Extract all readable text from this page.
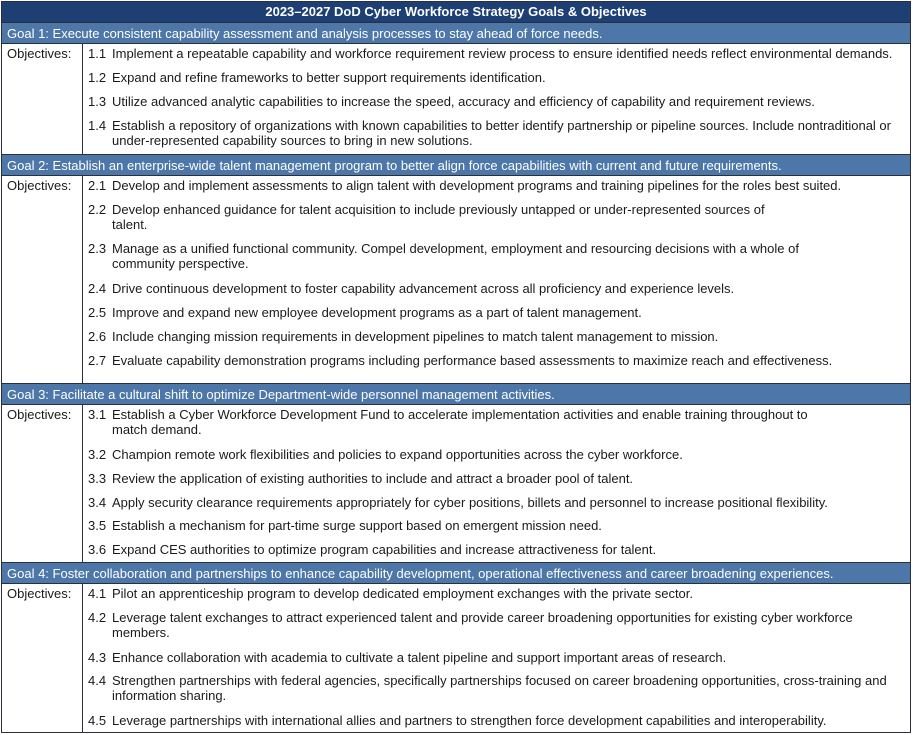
2023–2027 DoD Cyber Workforce Strategy Goals & Objectives
Goal 1: Execute consistent capability assessment and analysis processes to stay ahead of force needs.
Objectives:	1.1 Implement a repeatable capability and workforce requirement review process to ensure identified needs reflect environmental demands.
1.2 Expand and refine frameworks to better support requirements identification.
1.3 Utilize advanced analytic capabilities to increase the speed, accuracy and efficiency of capability and requirement reviews.
1.4 Establish a repository of organizations with known capabilities to better identify partnership or pipeline sources. Include nontraditional or under-represented capability sources to bring in new solutions.
Goal 2: Establish an enterprise-wide talent management program to better align force capabilities with current and future requirements.
Objectives:	2.1 Develop and implement assessments to align talent with development programs and training pipelines for the roles best suited.
2.2 Develop enhanced guidance for talent acquisition to include previously untapped or under-represented sources of talent.
2.3 Manage as a unified functional community. Compel development, employment and resourcing decisions with a whole of community perspective.
2.4 Drive continuous development to foster capability advancement across all proficiency and experience levels.
2.5 Improve and expand new employee development programs as a part of talent management.
2.6 Include changing mission requirements in development pipelines to match talent management to mission.
2.7 Evaluate capability demonstration programs including performance based assessments to maximize reach and effectiveness.
Goal 3: Facilitate a cultural shift to optimize Department-wide personnel management activities.
Objectives:	3.1 Establish a Cyber Workforce Development Fund to accelerate implementation activities and enable training throughout to match demand.
3.2 Champion remote work flexibilities and policies to expand opportunities across the cyber workforce.
3.3 Review the application of existing authorities to include and attract a broader pool of talent.
3.4 Apply security clearance requirements appropriately for cyber positions, billets and personnel to increase positional flexibility.
3.5 Establish a mechanism for part-time surge support based on emergent mission need.
3.6 Expand CES authorities to optimize program capabilities and increase attractiveness for talent.
Goal 4: Foster collaboration and partnerships to enhance capability development, operational effectiveness and career broadening experiences.
Objectives:	4.1 Pilot an apprenticeship program to develop dedicated employment exchanges with the private sector.
4.2 Leverage talent exchanges to attract experienced talent and provide career broadening opportunities for existing cyber workforce members.
4.3 Enhance collaboration with academia to cultivate a talent pipeline and support important areas of research.
4.4 Strengthen partnerships with federal agencies, specifically partnerships focused on career broadening opportunities, cross-training and information sharing.
4.5 Leverage partnerships with international allies and partners to strengthen force development capabilities and interoperability.
